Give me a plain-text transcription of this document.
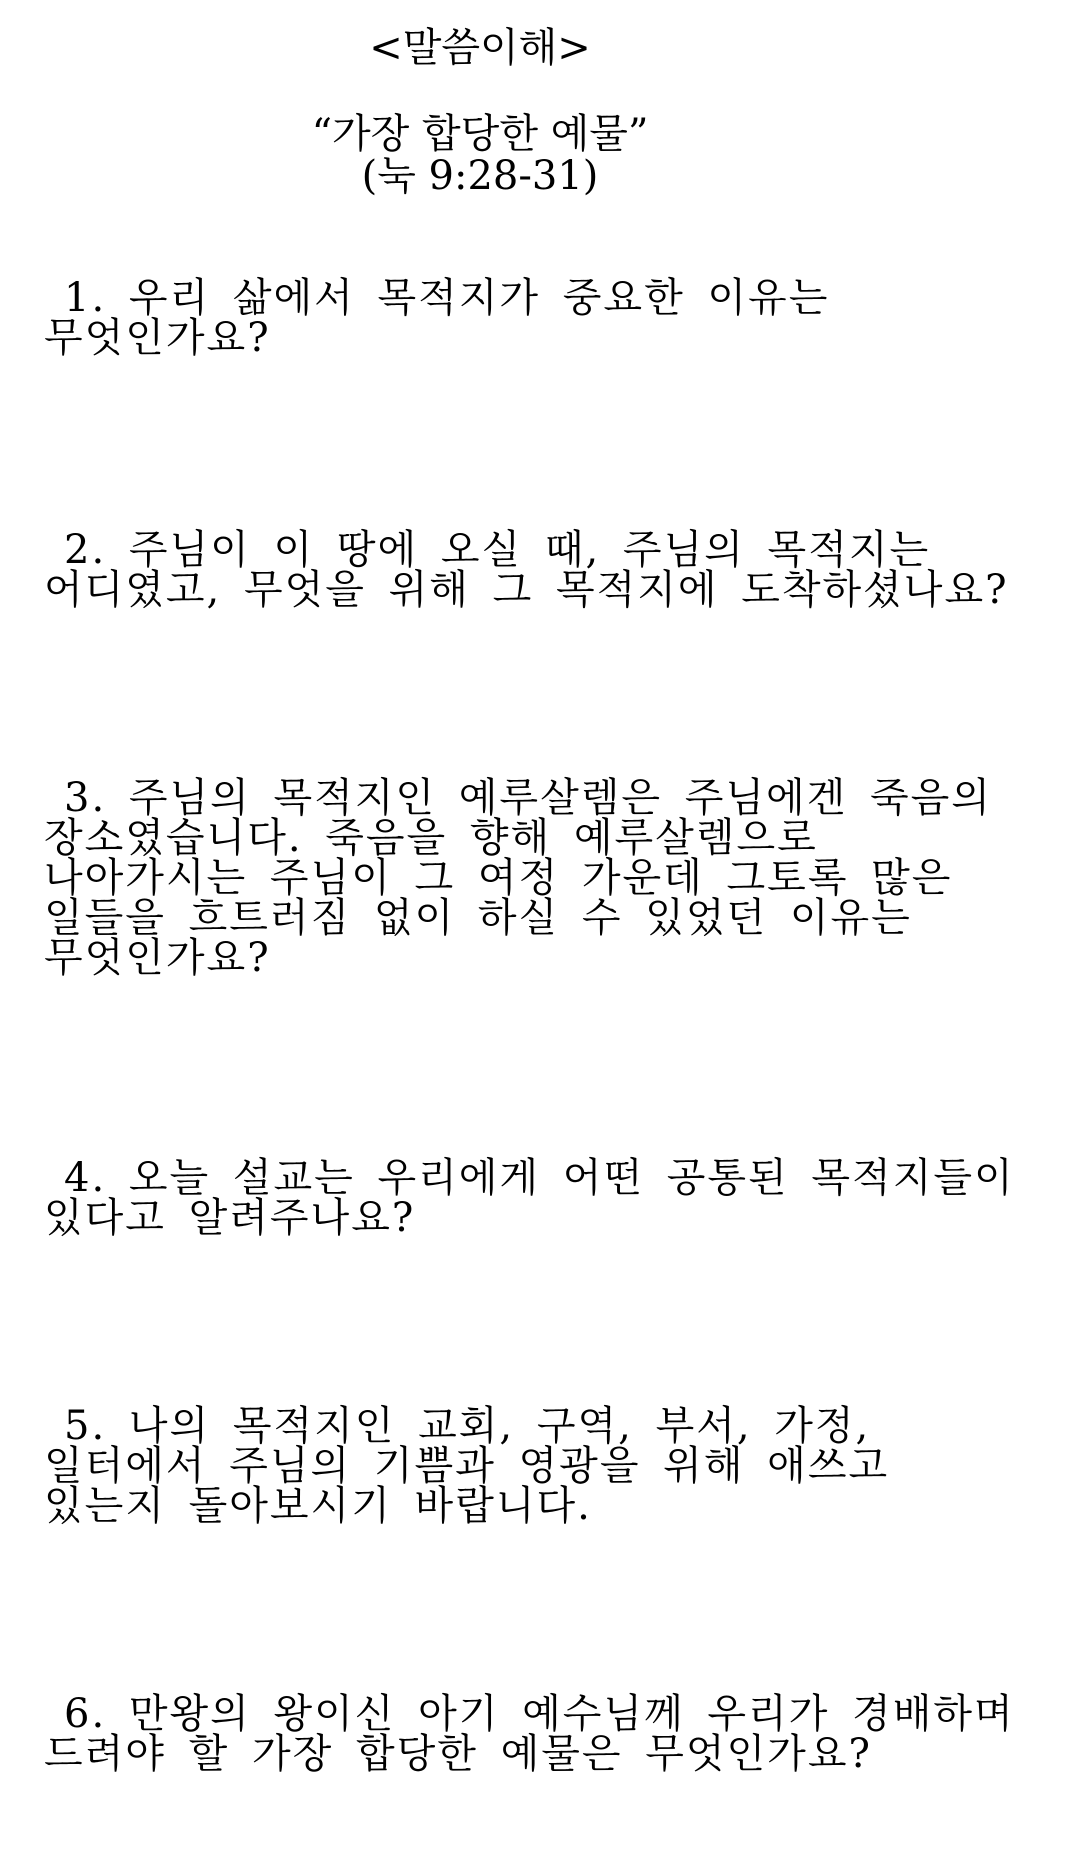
<말씀이해>
“가장 합당한 예물”
(눅 9:28-31)
1. 우리 삶에서 목적지가 중요한 이유는
무엇인가요?
2. 주님이 이 땅에 오실 때, 주님의 목적지는
어디였고, 무엇을 위해 그 목적지에 도착하셨나요?
3. 주님의 목적지인 예루살렘은 주님에겐 죽음의
장소였습니다. 죽음을 향해 예루살렘으로
나아가시는 주님이 그 여정 가운데 그토록 많은
일들을 흐트러짐 없이 하실 수 있었던 이유는
무엇인가요?
4. 오늘 설교는 우리에게 어떤 공통된 목적지들이
있다고 알려주나요?
5. 나의 목적지인 교회, 구역, 부서, 가정,
일터에서 주님의 기쁨과 영광을 위해 애쓰고
있는지 돌아보시기 바랍니다.
6. 만왕의 왕이신 아기 예수님께 우리가 경배하며
드려야 할 가장 합당한 예물은 무엇인가요?
